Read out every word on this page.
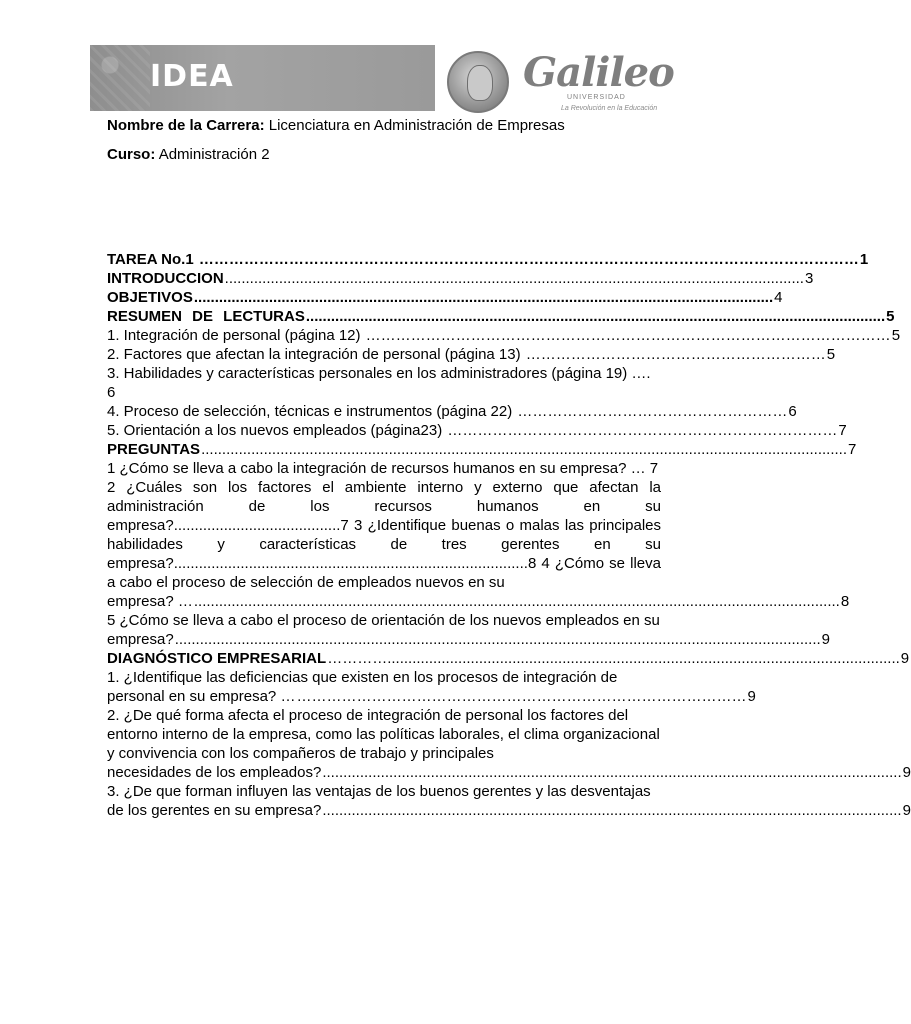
IDEA	Galileo
UNIVERSIDAD
La Revolución en la Educación
Nombre de la Carrera: Licenciatura en Administración de Empresas
Curso: Administración 2
TAREA No.1 …………………………………………………………………………………………………………………… 1
INTRODUCCION ........................................................................................................................................... 3
OBJETIVOS ........................................................................................................................................... 4
RESUMEN DE LECTURAS ........................................................................................................................................... 5
1. Integración de personal (página 12) …………………………………………………………………………………………… 5
2. Factores que afectan la integración de personal (página 13) …………………………………………………… 5
3. Habilidades y características personales en los administradores (página 19) ….
6
4. Proceso de selección, técnicas e instrumentos (página 22) ……………………………………………… 6
5. Orientación a los nuevos empleados (página23) …………………………………………………………………… 7
PREGUNTAS ........................................................................................................................................................... 7
1 ¿Cómo se lleva a cabo la integración de recursos humanos en su empresa? … 7
2 ¿Cuáles son los factores el ambiente interno y externo que afectan la administración de los recursos humanos en su empresa?........................................7 3 ¿Identifique buenas o malas las principales habilidades y características de tres gerentes en su empresa?.....................................................................................8 4 ¿Cómo se lleva a cabo el proceso de selección de empleados nuevos en su
empresa? … ........................................................................................................................................................... 8
5 ¿Cómo se lleva a cabo el proceso de orientación de los nuevos empleados en su
empresa? ........................................................................................................................................................... 9
DIAGNÓSTICO EMPRESARIAL …………........................................................................................................................... 9
1. ¿Identifique las deficiencias que existen en los procesos de integración de
personal en su empresa? … ……………………………………………………………………………… 9
2. ¿De qué forma afecta el proceso de integración de personal los factores del entorno interno de la empresa, como las políticas laborales, el clima organizacional y convivencia con los compañeros de trabajo y principales
necesidades de los empleados? ........................................................................................................................................... 9
3. ¿De que forman influyen las ventajas de los buenos gerentes y las desventajas
de los gerentes en su empresa? ........................................................................................................................................... 9
